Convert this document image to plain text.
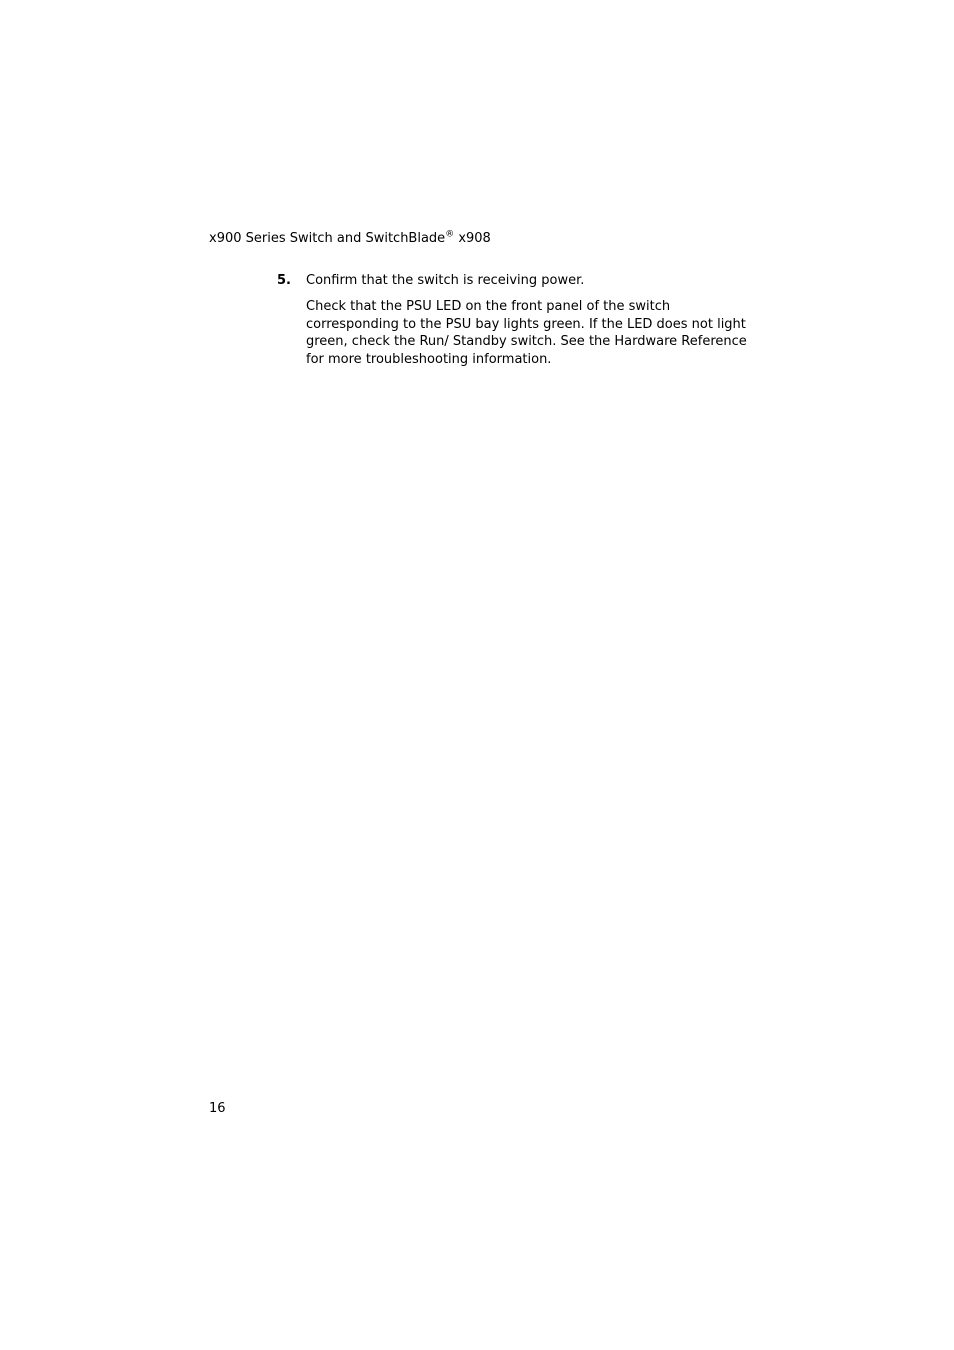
x900 Series Switch and SwitchBlade® x908
5. Confirm that the switch is receiving power.

Check that the PSU LED on the front panel of the switch corresponding to the PSU bay lights green. If the LED does not light green, check the Run/ Standby switch. See the Hardware Reference for more troubleshooting information.

16
